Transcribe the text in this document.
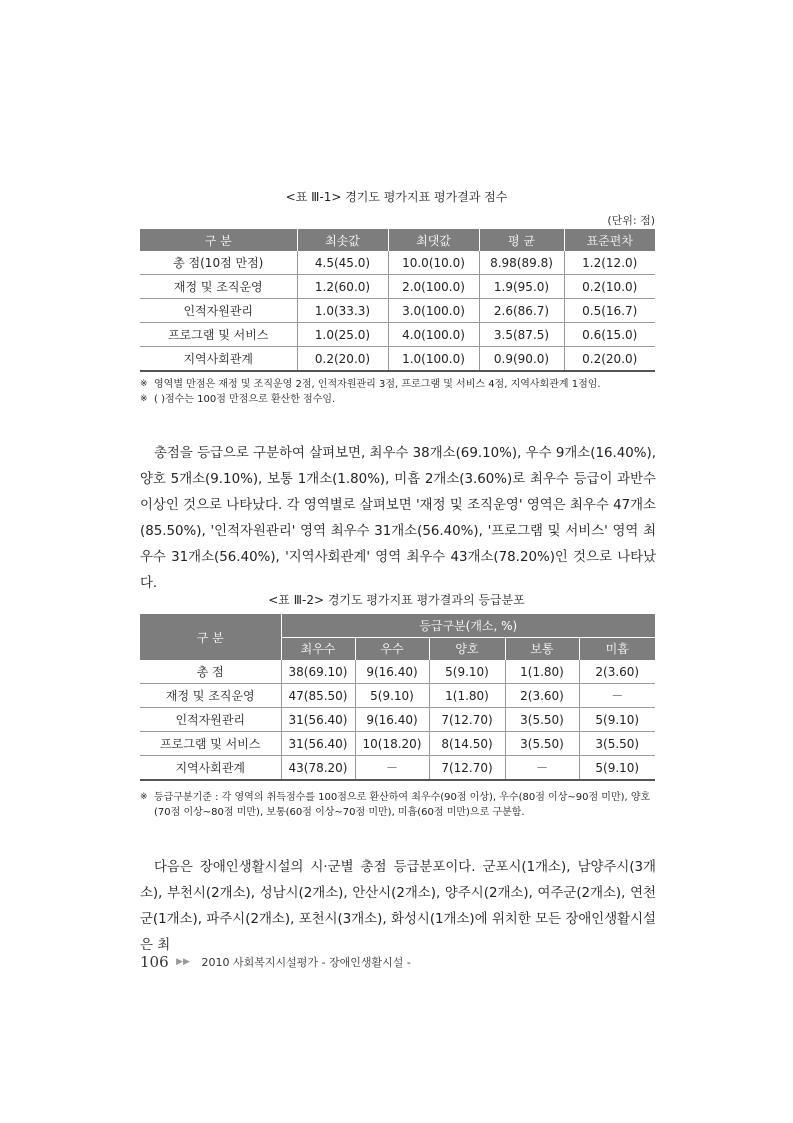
<표 Ⅲ-1> 경기도 평가지표 평가결과 점수
(단위: 점)
구 분	최솟값	최댓값	평 균	표준편차
총 점(10점 만점)	4.5(45.0)	10.0(10.0)	8.98(89.8)	1.2(12.0)
재정 및 조직운영	1.2(60.0)	2.0(100.0)	1.9(95.0)	0.2(10.0)
인적자원관리	1.0(33.3)	3.0(100.0)	2.6(86.7)	0.5(16.7)
프로그램 및 서비스	1.0(25.0)	4.0(100.0)	3.5(87.5)	0.6(15.0)
지역사회관계	0.2(20.0)	1.0(100.0)	0.9(90.0)	0.2(20.0)
※ 영역별 만점은 재정 및 조직운영 2점, 인적자원관리 3점, 프로그램 및 서비스 4점, 지역사회관계 1점임.
※ ( )점수는 100점 만점으로 환산한 점수임.

총점을 등급으로 구분하여 살펴보면, 최우수 38개소(69.10%), 우수 9개소(16.40%), 양호 5개소(9.10%), 보통 1개소(1.80%), 미흡 2개소(3.60%)로 최우수 등급이 과반수 이상인 것으로 나타났다. 각 영역별로 살펴보면 '재정 및 조직운영' 영역은 최우수 47개소(85.50%), '인적자원관리' 영역 최우수 31개소(56.40%), '프로그램 및 서비스' 영역 최우수 31개소(56.40%), '지역사회관계' 영역 최우수 43개소(78.20%)인 것으로 나타났다.

<표 Ⅲ-2> 경기도 평가지표 평가결과의 등급분포
구 분	등급구분(개소, %)				
	최우수	우수	양호	보통	미흡
총 점	38(69.10)	9(16.40)	5(9.10)	1(1.80)	2(3.60)
재정 및 조직운영	47(85.50)	5(9.10)	1(1.80)	2(3.60)	－
인적자원관리	31(56.40)	9(16.40)	7(12.70)	3(5.50)	5(9.10)
프로그램 및 서비스	31(56.40)	10(18.20)	8(14.50)	3(5.50)	3(5.50)
지역사회관계	43(78.20)	－	7(12.70)	－	5(9.10)
※ 등급구분기준 : 각 영역의 취득점수를 100점으로 환산하여 최우수(90점 이상), 우수(80점 이상~90점 미만), 양호(70점 이상~80점 미만), 보통(60점 이상~70점 미만), 미흡(60점 미만)으로 구분함.

다음은 장애인생활시설의 시·군별 총점 등급분포이다. 군포시(1개소), 남양주시(3개소), 부천시(2개소), 성남시(2개소), 안산시(2개소), 양주시(2개소), 여주군(2개소), 연천군(1개소), 파주시(2개소), 포천시(3개소), 화성시(1개소)에 위치한 모든 장애인생활시설은 최

106 ▶▶ 2010 사회복지시설평가 - 장애인생활시설 -
